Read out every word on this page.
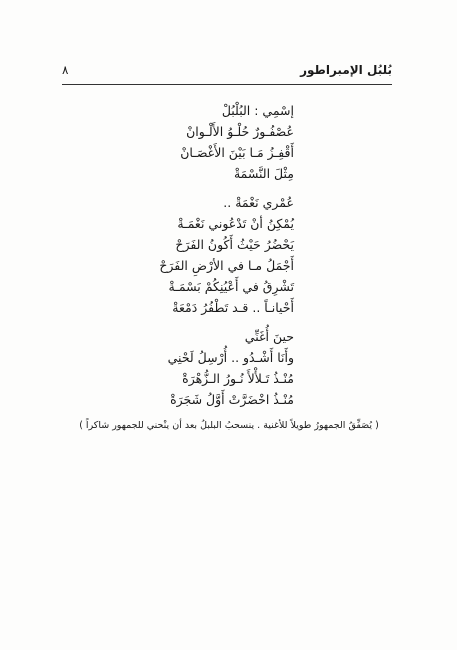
بُلبُل الإمبراطور
٨
إسْمِي : البُلْبُلْ
عُصْفُـورٌ حُلْـوُ الأَلْـوانْ
أَقْفِـزُ مَـا بَيْنَ الأَغْصَـانْ
مِثْلَ النَّسْمَةْ
عُمْري نَغْمَةْ ..
يُمْكِنُ أنْ تَدْعُوني نَغْمَـةْ
يَحْضُرُ حَيْثُ أَكُونُ الفَرَحْ
أَجْمَلُ مـا في الأرْضِ الفَرَحْ
تَشْرِقُ في أَعْيُنِكُمْ بَسْمَـةْ
أَحْيانـاً .. قـد تَطْفُرُ دَمْعَةْ
حينَ أُغَنِّي
وأَنَا أَشْـدُو .. أُرْسِلُ لَحْنِي
مُنْـذُ تَـلأْلأَ نُـورُ الـزُّهْرَةْ
مُنْـذُ اخْضَرَّتْ أَوَّلُ شَجَرَةْ
( يُصَفِّقُ الجمهورُ طويلاً للأغنية . ينسحبُ البلبلُ بعد أن ينْحني للجمهور شاكراً )
